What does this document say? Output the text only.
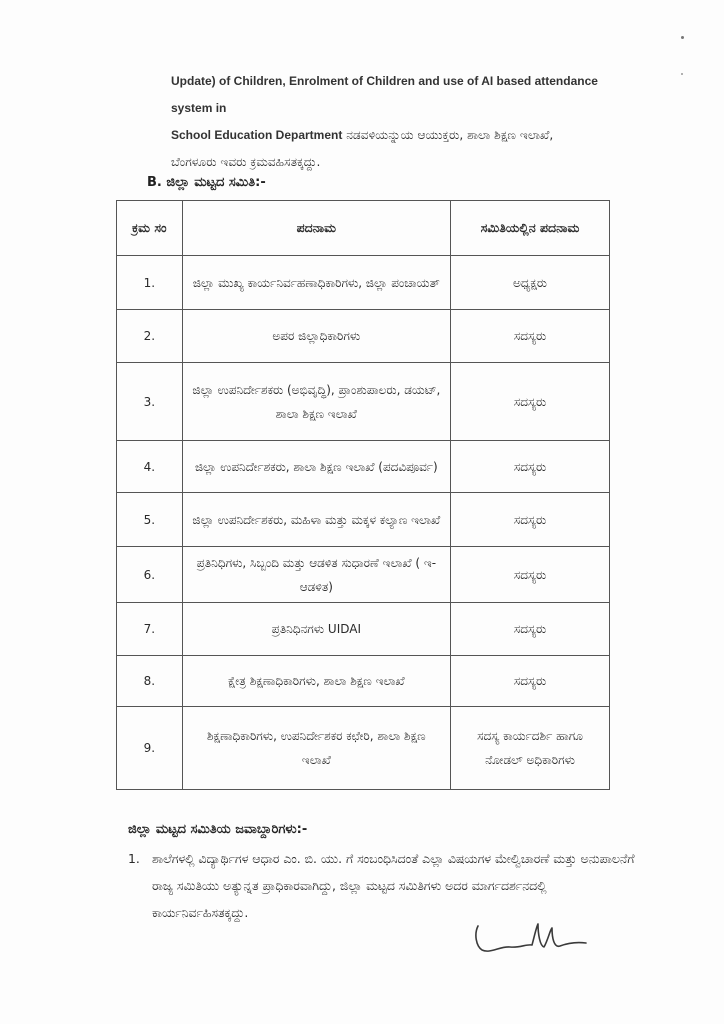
Update) of Children, Enrolment of Children and use of AI based attendance system in
School Education Department ನಡವಳಿಯನ್ನುಯ ಆಯುಕ್ತರು, ಶಾಲಾ ಶಿಕ್ಷಣ ಇಲಾಖೆ,
ಬೆಂಗಳೂರು ಇವರು ಕ್ರಮವಹಿಸತಕ್ಕದ್ದು.
B. ಜಿಲ್ಲಾ ಮಟ್ಟದ ಸಮಿತಿ:-
ಕ್ರಮ ಸಂ	ಪದನಾಮ	ಸಮಿತಿಯಲ್ಲಿನ ಪದನಾಮ
1.	ಜಿಲ್ಲಾ ಮುಖ್ಯ ಕಾರ್ಯನಿರ್ವಹಣಾಧಿಕಾರಿಗಳು, ಜಿಲ್ಲಾ ಪಂಚಾಯತ್	ಅಧ್ಯಕ್ಷರು
2.	ಅಪರ ಜಿಲ್ಲಾಧಿಕಾರಿಗಳು	ಸದಸ್ಯರು
3.	ಜಿಲ್ಲಾ ಉಪನಿರ್ದೇಶಕರು (ಅಭಿವೃದ್ಧಿ), ಪ್ರಾಂಶುಪಾಲರು, ಡಯಟ್, ಶಾಲಾ ಶಿಕ್ಷಣ ಇಲಾಖೆ	ಸದಸ್ಯರು
4.	ಜಿಲ್ಲಾ ಉಪನಿರ್ದೇಶಕರು, ಶಾಲಾ ಶಿಕ್ಷಣ ಇಲಾಖೆ (ಪದವಿಪೂರ್ವ)	ಸದಸ್ಯರು
5.	ಜಿಲ್ಲಾ ಉಪನಿರ್ದೇಶಕರು, ಮಹಿಳಾ ಮತ್ತು ಮಕ್ಕಳ ಕಲ್ಯಾಣ ಇಲಾಖೆ	ಸದಸ್ಯರು
6.	ಪ್ರತಿನಿಧಿಗಳು, ಸಿಬ್ಬಂದಿ ಮತ್ತು ಆಡಳಿತ ಸುಧಾರಣೆ ಇಲಾಖೆ ( ಇ-ಆಡಳಿತ)	ಸದಸ್ಯರು
7.	ಪ್ರತಿನಿಧಿನಗಳು UIDAI	ಸದಸ್ಯರು
8.	ಕ್ಷೇತ್ರ ಶಿಕ್ಷಣಾಧಿಕಾರಿಗಳು, ಶಾಲಾ ಶಿಕ್ಷಣ ಇಲಾಖೆ	ಸದಸ್ಯರು
9.	ಶಿಕ್ಷಣಾಧಿಕಾರಿಗಳು, ಉಪನಿರ್ದೇಶಕರ ಕಛೇರಿ, ಶಾಲಾ ಶಿಕ್ಷಣ ಇಲಾಖೆ	ಸದಸ್ಯ ಕಾರ್ಯದರ್ಶಿ ಹಾಗೂ ನೋಡಲ್ ಅಧಿಕಾರಿಗಳು
ಜಿಲ್ಲಾ ಮಟ್ಟದ ಸಮಿತಿಯ ಜವಾಬ್ದಾರಿಗಳು:-
1. ಶಾಲೆಗಳಲ್ಲಿ ವಿದ್ಯಾರ್ಥಿಗಳ ಆಧಾರ ಎಂ. ಬಿ. ಯು. ಗೆ ಸಂಬಂಧಿಸಿದಂತೆ ಎಲ್ಲಾ ವಿಷಯಗಳ ಮೇಲ್ವಿಚಾರಣೆ ಮತ್ತು ಅನುಪಾಲನೆಗೆ ರಾಜ್ಯ ಸಮಿತಿಯು ಅತ್ಯುನ್ನತ ಪ್ರಾಧಿಕಾರವಾಗಿದ್ದು, ಜಿಲ್ಲಾ ಮಟ್ಟದ ಸಮಿತಿಗಳು ಅದರ ಮಾರ್ಗದರ್ಶನದಲ್ಲಿ ಕಾರ್ಯನಿರ್ವಹಿಸತಕ್ಕದ್ದು.
